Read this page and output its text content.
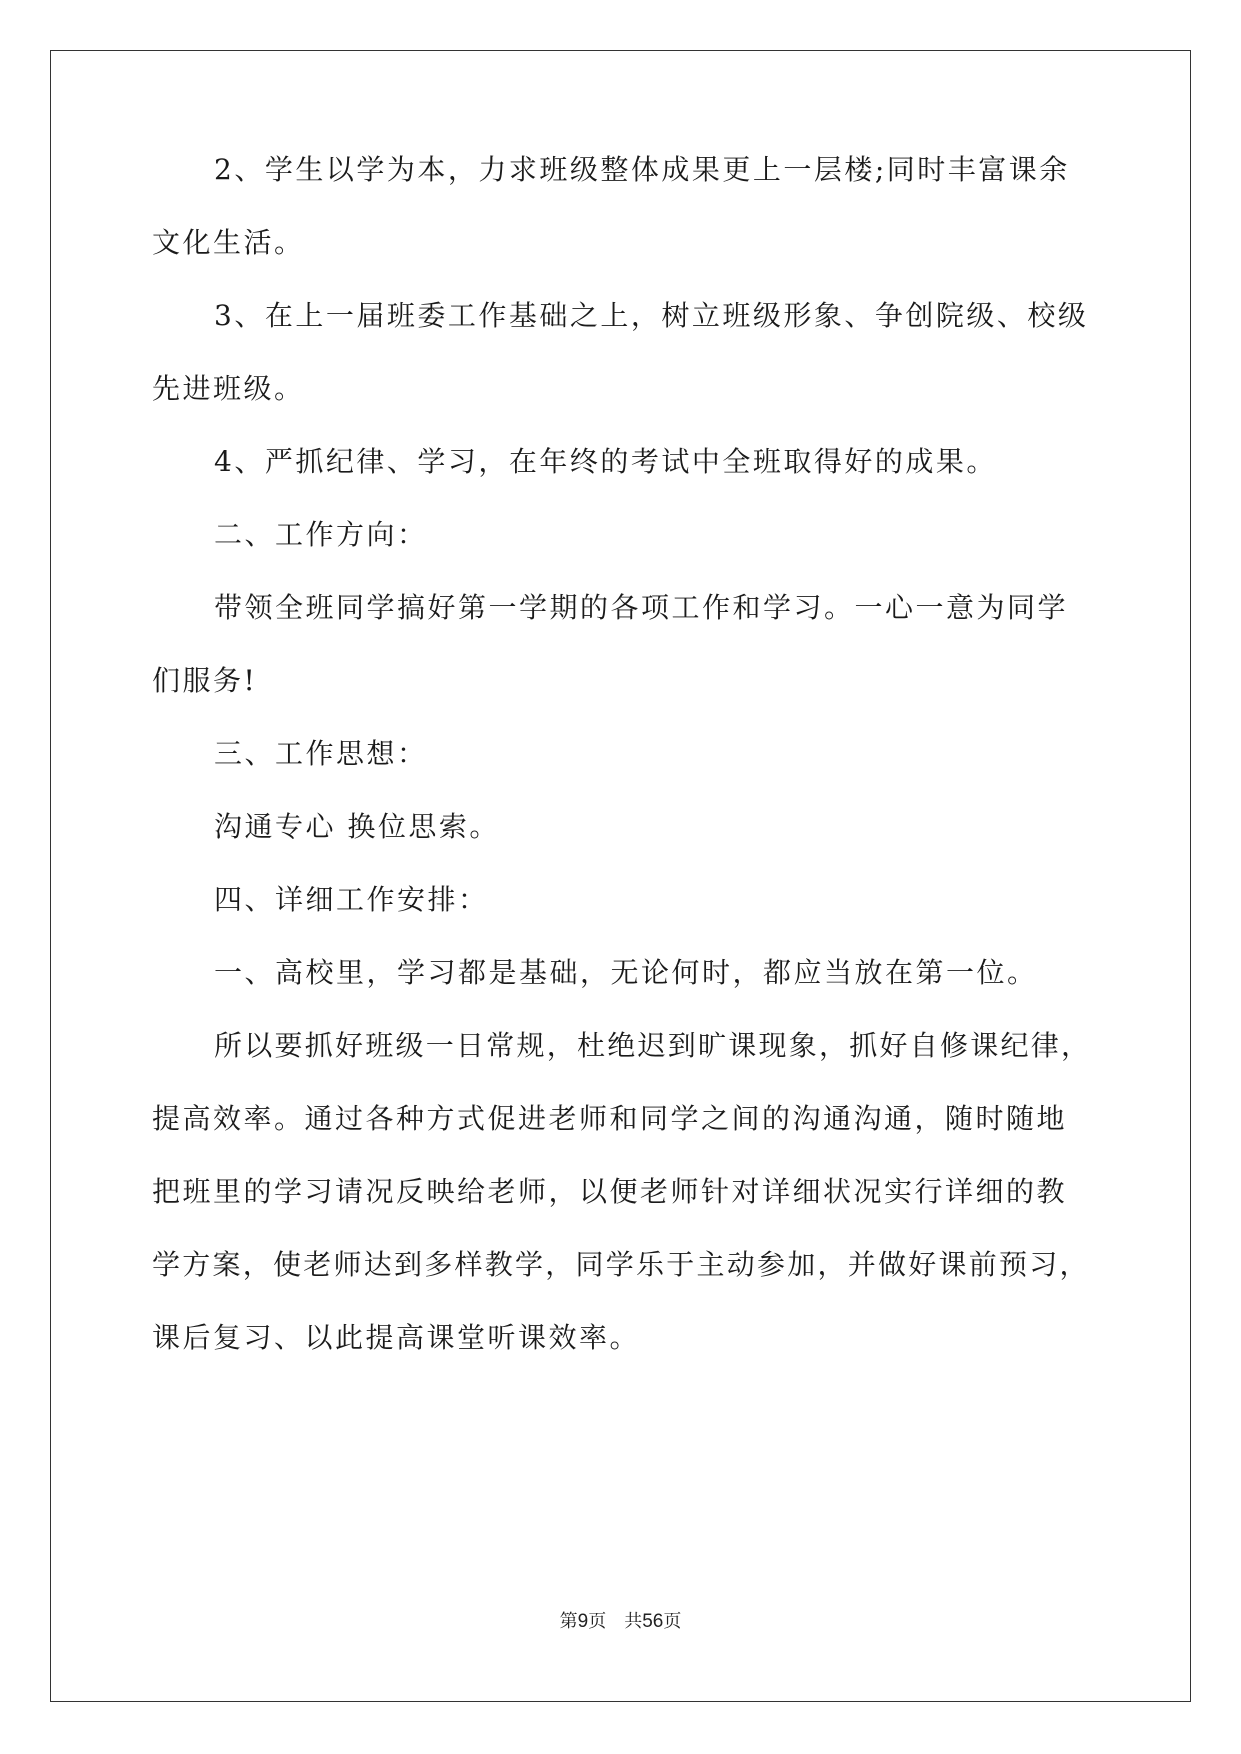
2、学生以学为本，力求班级整体成果更上一层楼;同时丰富课余
文化生活。
3、在上一届班委工作基础之上，树立班级形象、争创院级、校级
先进班级。
4、严抓纪律、学习，在年终的考试中全班取得好的成果。
二、工作方向：
带领全班同学搞好第一学期的各项工作和学习。一心一意为同学
们服务!
三、工作思想：
沟通专心 换位思索。
四、详细工作安排：
一、高校里，学习都是基础，无论何时，都应当放在第一位。
所以要抓好班级一日常规，杜绝迟到旷课现象，抓好自修课纪律，
提高效率。通过各种方式促进老师和同学之间的沟通沟通，随时随地
把班里的学习请况反映给老师，以便老师针对详细状况实行详细的教
学方案，使老师达到多样教学，同学乐于主动参加，并做好课前预习，
课后复习、以此提高课堂听课效率。
第9页 共56页
